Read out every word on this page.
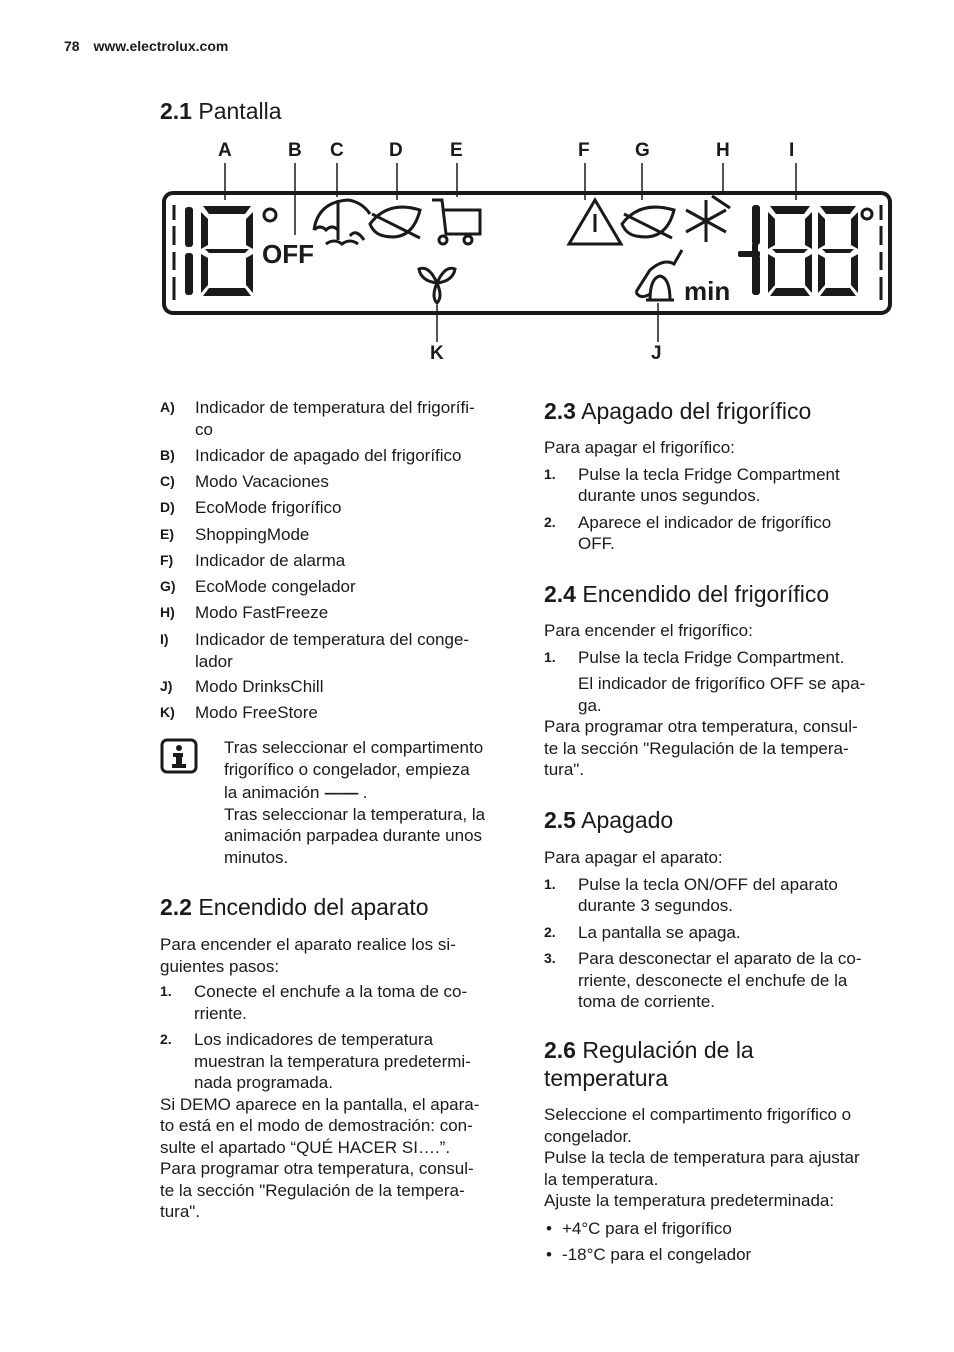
78 www.electrolux.com
2.1 Pantalla
A	B C D E	F G	H	I
K	J
OFF
min
A) Indicador de temperatura del frigorífi-
co
B) Indicador de apagado del frigorífico
C) Modo Vacaciones
D) EcoMode frigorífico
E) ShoppingMode
F) Indicador de alarma
G) EcoMode congelador
H) Modo FastFreeze
I) Indicador de temperatura del conge-
lador
J) Modo DrinksChill
K) Modo FreeStore
Tras seleccionar el compartimento
frigorífico o congelador, empieza
la animación –––– .
Tras seleccionar la temperatura, la animación parpadea durante unos minutos.
2.2 Encendido del aparato
Para encender el aparato realice los si-
guientes pasos:
1. Conecte el enchufe a la toma de co-
rriente.
2. Los indicadores de temperatura
muestran la temperatura predetermi-
nada programada.
Si DEMO aparece en la pantalla, el apara-
to está en el modo de demostración: con-
sulte el apartado “QUÉ HACER SI….”.
Para programar otra temperatura, consul-
te la sección "Regulación de la tempera-
tura".
2.3 Apagado del frigorífico
Para apagar el frigorífico:
1. Pulse la tecla Fridge Compartment
durante unos segundos.
2. Aparece el indicador de frigorífico
OFF.
2.4 Encendido del frigorífico
Para encender el frigorífico:
1. Pulse la tecla Fridge Compartment.
El indicador de frigorífico OFF se apa-
ga.
Para programar otra temperatura, consul-
te la sección "Regulación de la tempera-
tura".
2.5 Apagado
Para apagar el aparato:
1. Pulse la tecla ON/OFF del aparato
durante 3 segundos.
2. La pantalla se apaga.
3. Para desconectar el aparato de la co-
rriente, desconecte el enchufe de la
toma de corriente.
2.6 Regulación de la
temperatura
Seleccione el compartimento frigorífico o
congelador.
Pulse la tecla de temperatura para ajustar
la temperatura.
Ajuste la temperatura predeterminada:
• +4°C para el frigorífico
• -18°C para el congelador
